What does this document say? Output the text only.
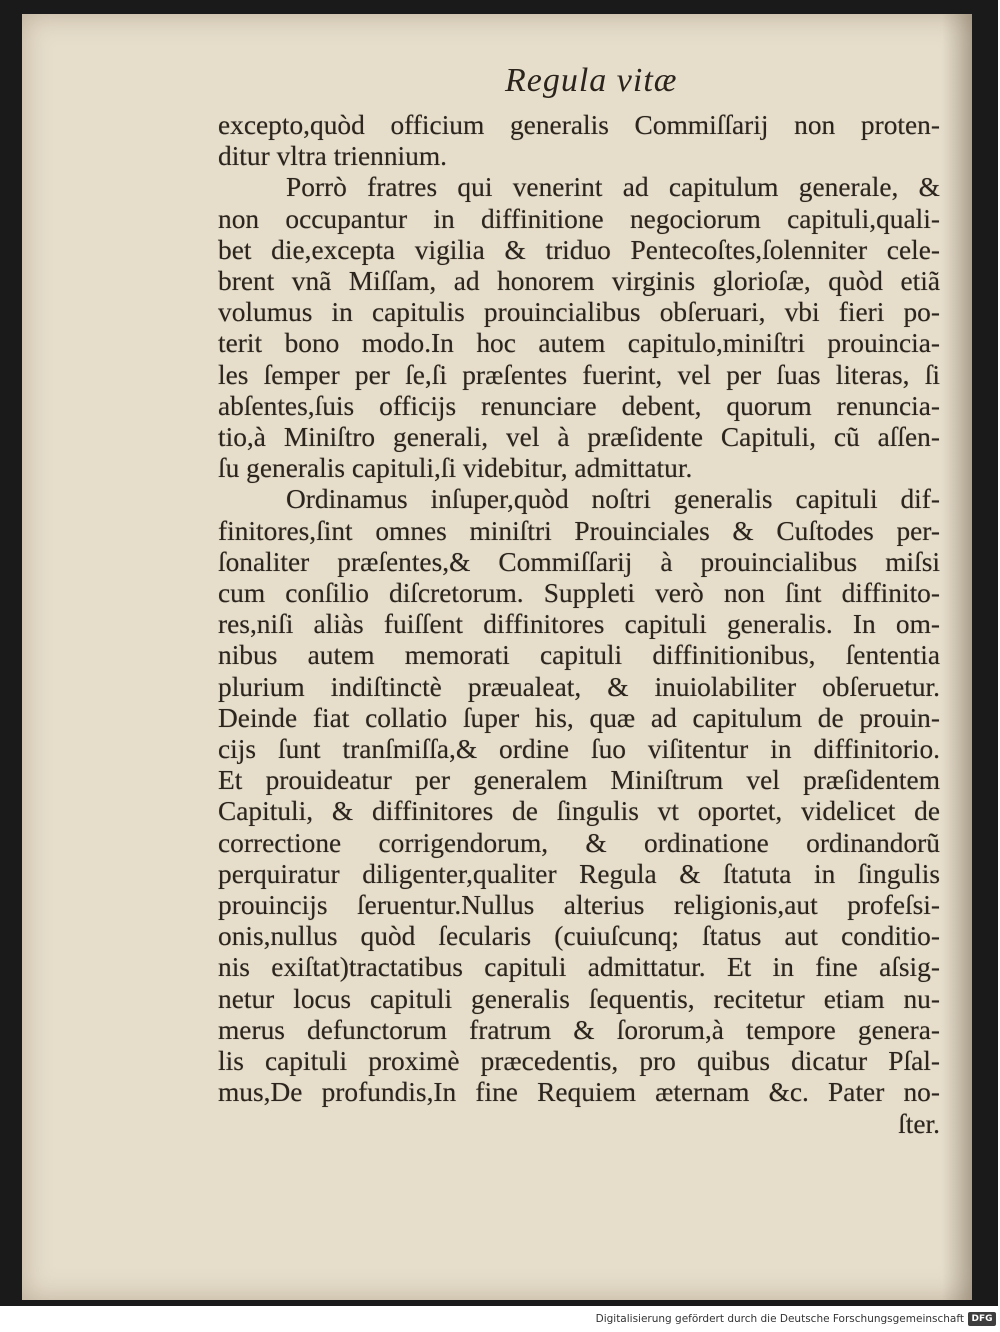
Regula vitæ
excepto,quòd officium generalis Commiſſarij non proten-
ditur vltra triennium.
Porrò fratres qui venerint ad capitulum generale, &
non occupantur in diffinitione negociorum capituli,quali-
bet die,excepta vigilia & triduo Pentecoſtes,ſolenniter cele-
brent vnã Miſſam, ad honorem virginis glorioſæ, quòd etiã
volumus in capitulis prouincialibus obſeruari, vbi fieri po-
terit bono modo.In hoc autem capitulo,miniſtri prouincia-
les ſemper per ſe,ſi præſentes fuerint, vel per ſuas literas, ſi
abſentes,ſuis officijs renunciare debent, quorum renuncia-
tio,à Miniſtro generali, vel à præſidente Capituli, cũ aſſen-
ſu generalis capituli,ſi videbitur, admittatur.
Ordinamus inſuper,quòd noſtri generalis capituli dif-
finitores,ſint omnes miniſtri Prouinciales & Cuſtodes per-
ſonaliter præſentes,& Commiſſarij à prouincialibus miſsi
cum conſilio diſcretorum. Suppleti verò non ſint diffinito-
res,niſi aliàs fuiſſent diffinitores capituli generalis. In om-
nibus autem memorati capituli diffinitionibus, ſententia
plurium indiſtinctè præualeat, & inuiolabiliter obſeruetur.
Deinde fiat collatio ſuper his, quæ ad capitulum de prouin-
cijs ſunt tranſmiſſa,& ordine ſuo viſitentur in diffinitorio.
Et prouideatur per generalem Miniſtrum vel præſidentem
Capituli, & diffinitores de ſingulis vt oportet, videlicet de
correctione corrigendorum, & ordinatione ordinandorũ
perquiratur diligenter,qualiter Regula & ſtatuta in ſingulis
prouincijs ſeruentur.Nullus alterius religionis,aut profeſsi-
onis,nullus quòd ſecularis (cuiuſcunq; ſtatus aut conditio-
nis exiſtat)tractatibus capituli admittatur. Et in fine aſsig-
netur locus capituli generalis ſequentis, recitetur etiam nu-
merus defunctorum fratrum & ſororum,à tempore genera-
lis capituli proximè præcedentis, pro quibus dicatur Pſal-
mus,De profundis,In fine Requiem æternam &c. Pater no-
ſter.
Digitalisierung gefördert durch die Deutsche Forschungsgemeinschaft DFG
